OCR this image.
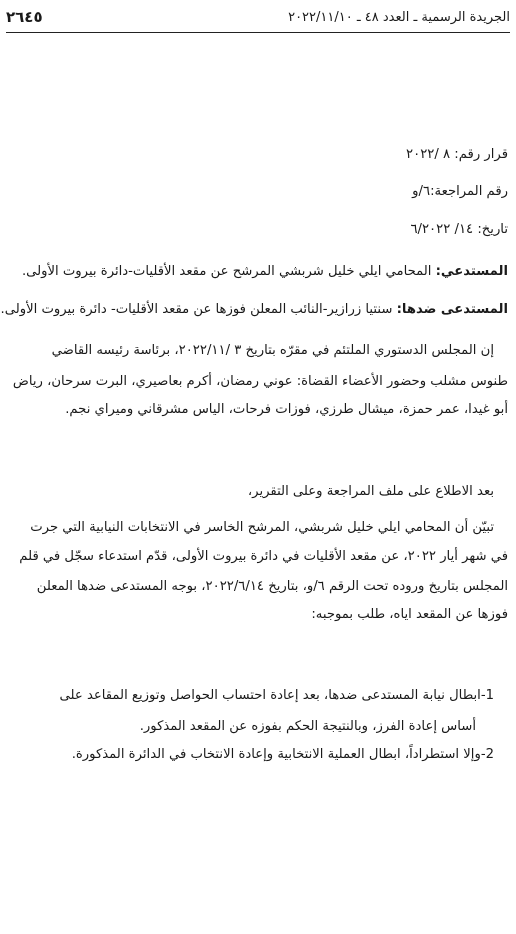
الجريدة الرسمية ـ العدد ٤٨ ـ ٢٠٢٢/١١/١٠
٢٦٤٥
قرار رقم: ٨ /٢٠٢٢
رقم المراجعة:٦/و
تاريخ: ١٤/ ٦/٢٠٢٢
المستدعي: المحامي ايلي خليل شربشي المرشح عن مقعد الأقليات-دائرة بيروت الأولى.
المستدعى ضدها: سنتيا زرازير-النائب المعلن فوزها عن مقعد الأقليات- دائرة بيروت الأولى.
إن المجلس الدستوري الملتئم في مقرّه بتاريخ ٣ /٢٠٢٢/١١، برئاسة رئيسه القاضي
طنوس مشلب وحضور الأعضاء القضاة: عوني رمضان، أكرم بعاصيري، البرت سرحان، رياض
أبو غيدا، عمر حمزة، ميشال طرزي، فوزات فرحات، الياس مشرقاني وميراي نجم.
بعد الاطلاع على ملف المراجعة وعلى التقرير،
تبيّن أن المحامي ايلي خليل شربشي، المرشح الخاسر في الانتخابات النيابية التي جرت
في شهر أيار ٢٠٢٢، عن مقعد الأقليات في دائرة بيروت الأولى، قدّم استدعاء سجّل في قلم
المجلس بتاريخ وروده تحت الرقم ٦/و، بتاريخ ٢٠٢٢/٦/١٤، بوجه المستدعى ضدها المعلن
فوزها عن المقعد اياه، طلب بموجبه:
1-ابطال نيابة المستدعى ضدها، بعد إعادة احتساب الحواصل وتوزيع المقاعد على
أساس إعادة الفرز، وبالنتيجة الحكم بفوزه عن المقعد المذكور.
2-وإلا استطراداً، ابطال العملية الانتخابية وإعادة الانتخاب في الدائرة المذكورة.
